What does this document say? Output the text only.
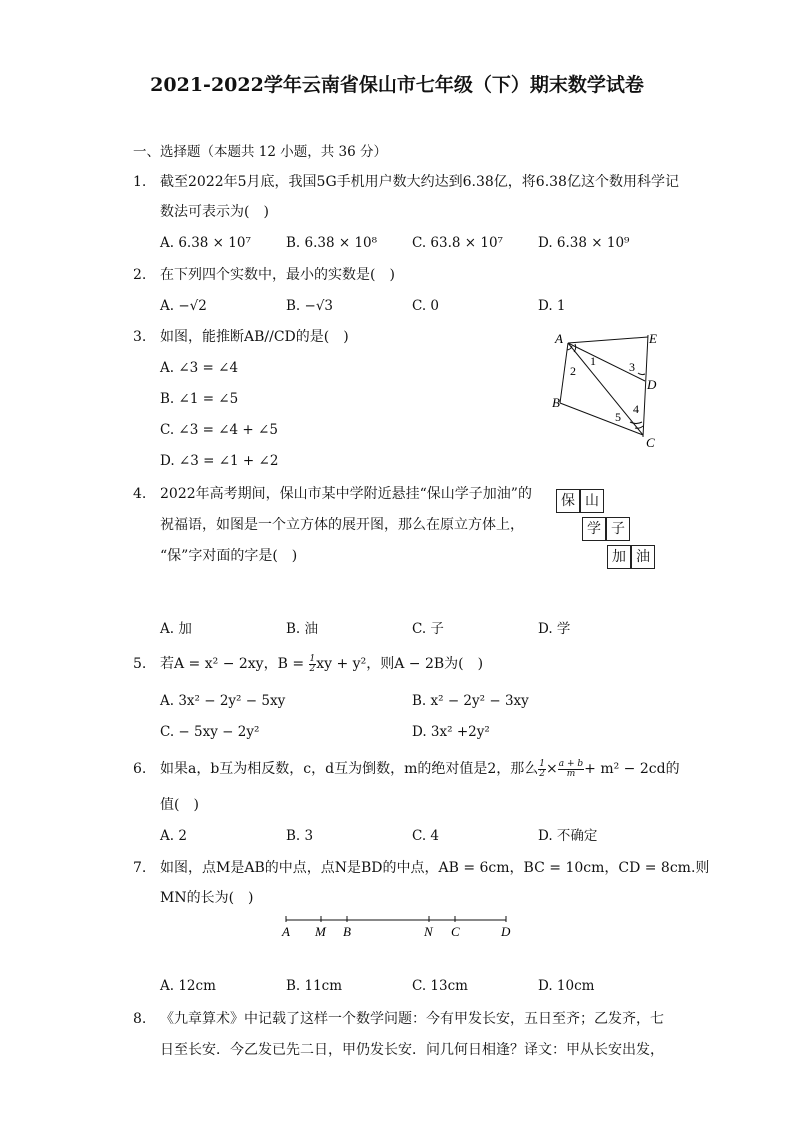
2021-2022学年云南省保山市七年级（下）期末数学试卷
一、选择题（本题共 12 小题，共 36 分）
1. 截至2022年5月底，我国5G手机用户数大约达到6.38亿，将6.38亿这个数用科学记
数法可表示为(　)
A. 6.38 × 10⁷	B. 6.38 × 10⁸	C. 63.8 × 10⁷	D. 6.38 × 10⁹
2. 在下列四个实数中，最小的实数是(　)
A. −√2	B. −√3	C. 0	D. 1
3. 如图，能推断AB//CD的是(　)
A. ∠3 = ∠4
B. ∠1 = ∠5
C. ∠3 = ∠4 + ∠5
D. ∠3 = ∠1 + ∠2
A	E
D
B
C
1
2	3
4
5
4. 2022年高考期间，保山市某中学附近悬挂“保山学子加油”的
祝福语，如图是一个立方体的展开图，那么在原立方体上，
“保”字对面的字是(　)
保 山
学 子
加 油
A. 加	B. 油	C. 子	D. 学
5. 若A = x² − 2xy，$B = \frac{1}{2}$ xy + y²，则A − 2B为(　)
A. 3x² − 2y² − 5xy	B. x² − 2y² − 3xy
C. − 5xy − 2y²	D. 3x² +2y²
6. 如果a，b互为相反数，c，d互为倒数，m的绝对值是2，那么 $\frac{1}{2} \times \frac{a + b}{m} + m^2 - 2cd$的
值(　)
A. 2	B. 3	C. 4	D. 不确定
7. 如图，点M是AB的中点，点N是BD的中点，AB = 6cm，BC = 10cm，CD = 8cm.则
MN的长为(　)
A M B	N C	D
A. 12cm	B. 11cm	C. 13cm	D. 10cm
8. 《九章算术》中记载了这样一个数学问题：今有甲发长安，五日至齐；乙发齐，七
日至长安．今乙发已先二日，甲仍发长安．问几何日相逢？译文：甲从长安出发，
